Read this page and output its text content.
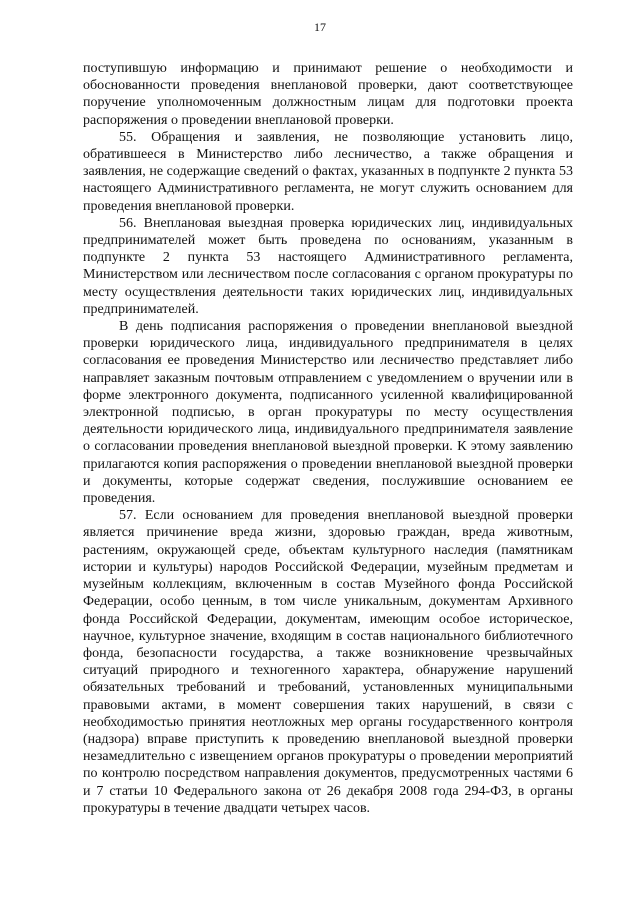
17

поступившую информацию и принимают решение о необходимости и обоснованности проведения внеплановой проверки, дают соответствующее поручение уполномоченным должностным лицам для подготовки проекта распоряжения о проведении внеплановой проверки.

55. Обращения и заявления, не позволяющие установить лицо, обратившееся в Министерство либо лесничество, а также обращения и заявления, не содержащие сведений о фактах, указанных в подпункте 2 пункта 53 настоящего Административного регламента, не могут служить основанием для проведения внеплановой проверки.

56. Внеплановая выездная проверка юридических лиц, индивидуальных предпринимателей может быть проведена по основаниям, указанным в подпункте 2 пункта 53 настоящего Административного регламента, Министерством или лесничеством после согласования с органом прокуратуры по месту осуществления деятельности таких юридических лиц, индивидуальных предпринимателей.

В день подписания распоряжения о проведении внеплановой выездной проверки юридического лица, индивидуального предпринимателя в целях согласования ее проведения Министерство или лесничество представляет либо направляет заказным почтовым отправлением с уведомлением о вручении или в форме электронного документа, подписанного усиленной квалифицированной электронной подписью, в орган прокуратуры по месту осуществления деятельности юридического лица, индивидуального предпринимателя заявление о согласовании проведения внеплановой выездной проверки. К этому заявлению прилагаются копия распоряжения о проведении внеплановой выездной проверки и документы, которые содержат сведения, послужившие основанием ее проведения.

57. Если основанием для проведения внеплановой выездной проверки является причинение вреда жизни, здоровью граждан, вреда животным, растениям, окружающей среде, объектам культурного наследия (памятникам истории и культуры) народов Российской Федерации, музейным предметам и музейным коллекциям, включенным в состав Музейного фонда Российской Федерации, особо ценным, в том числе уникальным, документам Архивного фонда Российской Федерации, документам, имеющим особое историческое, научное, культурное значение, входящим в состав национального библиотечного фонда, безопасности государства, а также возникновение чрезвычайных ситуаций природного и техногенного характера, обнаружение нарушений обязательных требований и требований, установленных муниципальными правовыми актами, в момент совершения таких нарушений, в связи с необходимостью принятия неотложных мер органы государственного контроля (надзора) вправе приступить к проведению внеплановой выездной проверки незамедлительно с извещением органов прокуратуры о проведении мероприятий по контролю посредством направления документов, предусмотренных частями 6 и 7 статьи 10 Федерального закона от 26 декабря 2008 года 294-ФЗ, в органы прокуратуры в течение двадцати четырех часов.
